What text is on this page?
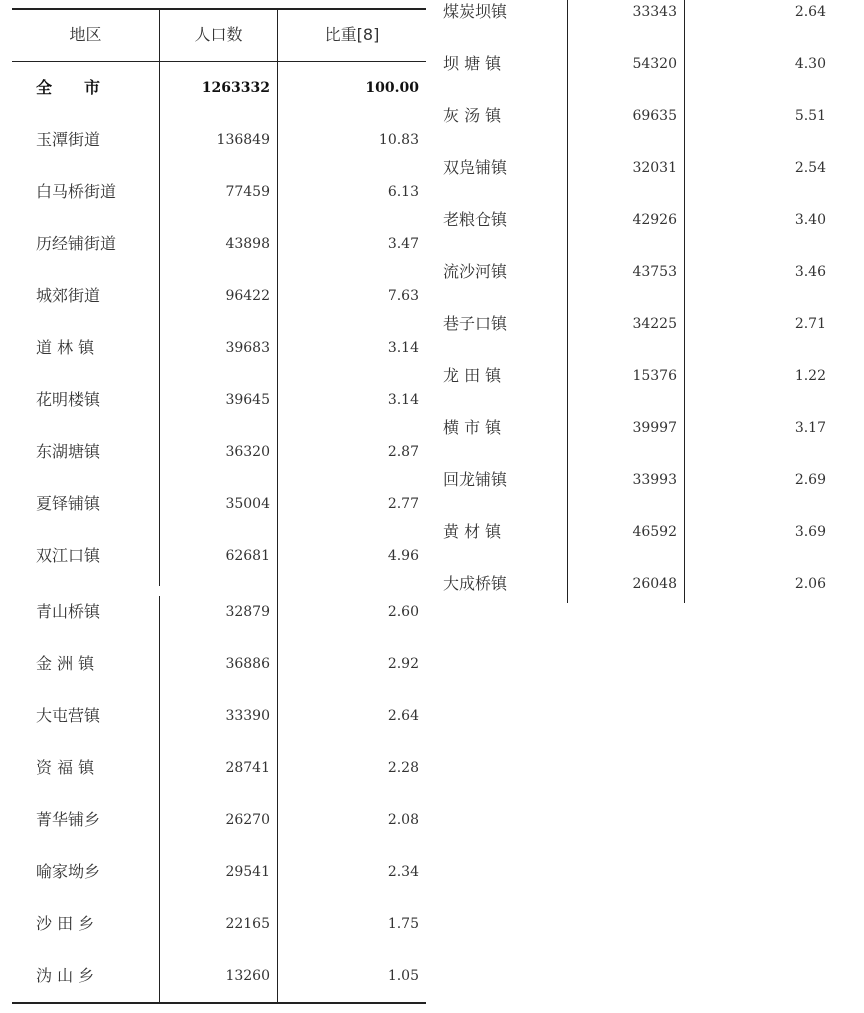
地区	人口数	比重[8]
全　　市	1263332	100.00
玉潭街道	136849	10.83
白马桥街道	77459	6.13
历经铺街道	43898	3.47
城郊街道	96422	7.63
道 林 镇	39683	3.14
花明楼镇	39645	3.14
东湖塘镇	36320	2.87
夏铎铺镇	35004	2.77
双江口镇	62681	4.96
青山桥镇	32879	2.60
金 洲 镇	36886	2.92
大屯营镇	33390	2.64
资 福 镇	28741	2.28
菁华铺乡	26270	2.08
喻家坳乡	29541	2.34
沙 田 乡	22165	1.75
沩 山 乡	13260	1.05
煤炭坝镇	33343	2.64
坝 塘 镇	54320	4.30
灰 汤 镇	69635	5.51
双凫铺镇	32031	2.54
老粮仓镇	42926	3.40
流沙河镇	43753	3.46
巷子口镇	34225	2.71
龙 田 镇	15376	1.22
横 市 镇	39997	3.17
回龙铺镇	33993	2.69
黄 材 镇	46592	3.69
大成桥镇	26048	2.06
